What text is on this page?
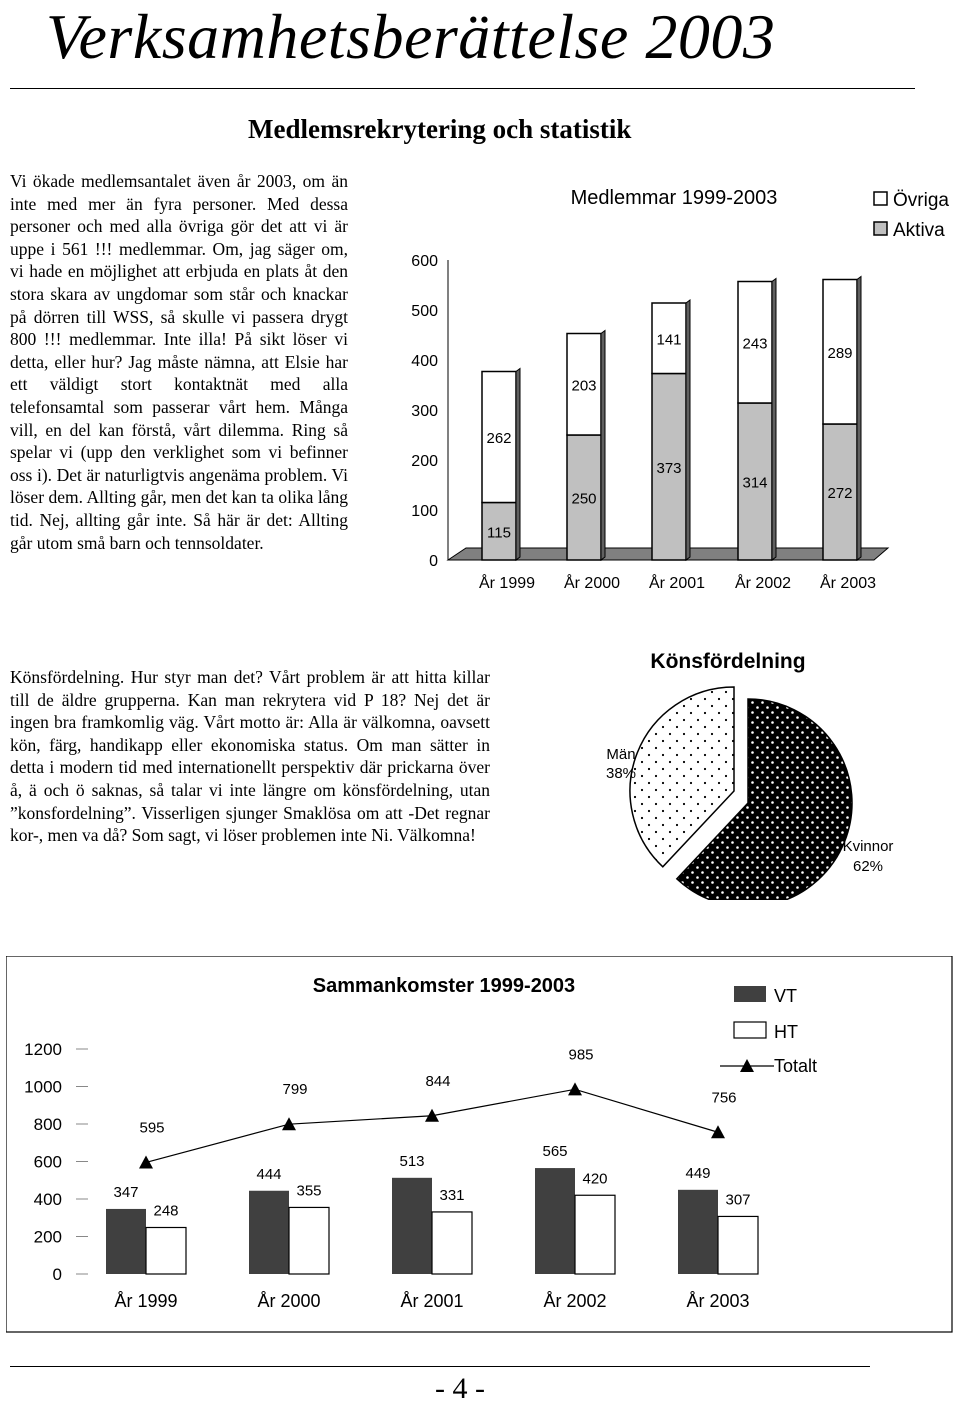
Verksamhetsberättelse 2003
Medlemsrekrytering och statistik
Vi ökade medlemsantalet även år 2003, om än inte med mer än fyra personer. Med dessa personer och med alla övriga gör det att vi är uppe i 561 !!! medlemmar. Om, jag säger om, vi hade en möjlighet att erbjuda en plats åt den stora skara av ungdomar som står och knackar på dörren till WSS, så skulle vi passera drygt 800 !!! medlemmar. Inte illa! På sikt löser vi detta, eller hur? Jag måste nämna, att Elsie har ett väldigt stort kontaktnät med alla telefonsamtal som passerar vårt hem. Många vill, en del kan förstå, vårt dilemma. Ring så spelar vi (upp den verklighet som vi befinner oss i). Det är naturligtvis angenäma problem. Vi löser dem. Allting går, men det kan ta olika lång tid. Nej, allting går inte. Så här är det: Allting går utom små barn och tennsoldater.
Medlemmar 1999-2003	Övriga
Aktiva
0
100
200
300
400
500
600
115
262
År 1999
250
203
År 2000
373
141
År 2001
314
243
År 2002
272
289
År 2003
Könsfördelning
Män
38%
Kvinnor
62%
Könsfördelning. Hur styr man det? Vårt problem är att hitta killar till de äldre grupperna. Kan man rekrytera vid P 18? Nej det är ingen bra framkomlig väg. Vårt motto är: Alla är välkomna, oavsett kön, färg, handikapp eller ekonomiska status. Om man sätter in detta i modern tid med internationellt perspektiv där prickarna över å, ä och ö saknas, så talar vi inte längre om könsfördelning, utan ”konsfordelning”. Visserligen sjunger Smaklösa om att -Det regnar kor-, men va då? Som sagt, vi löser problemen inte Ni. Välkomna!
Sammankomster 1999-2003	VT
HT
Totalt
0
200
400
600
800
1000
1200
347
248
År 1999
444
355
År 2000
513
331
År 2001
565
420
År 2002
449
307
År 2003
595
799	844
985
756
- 4 -
